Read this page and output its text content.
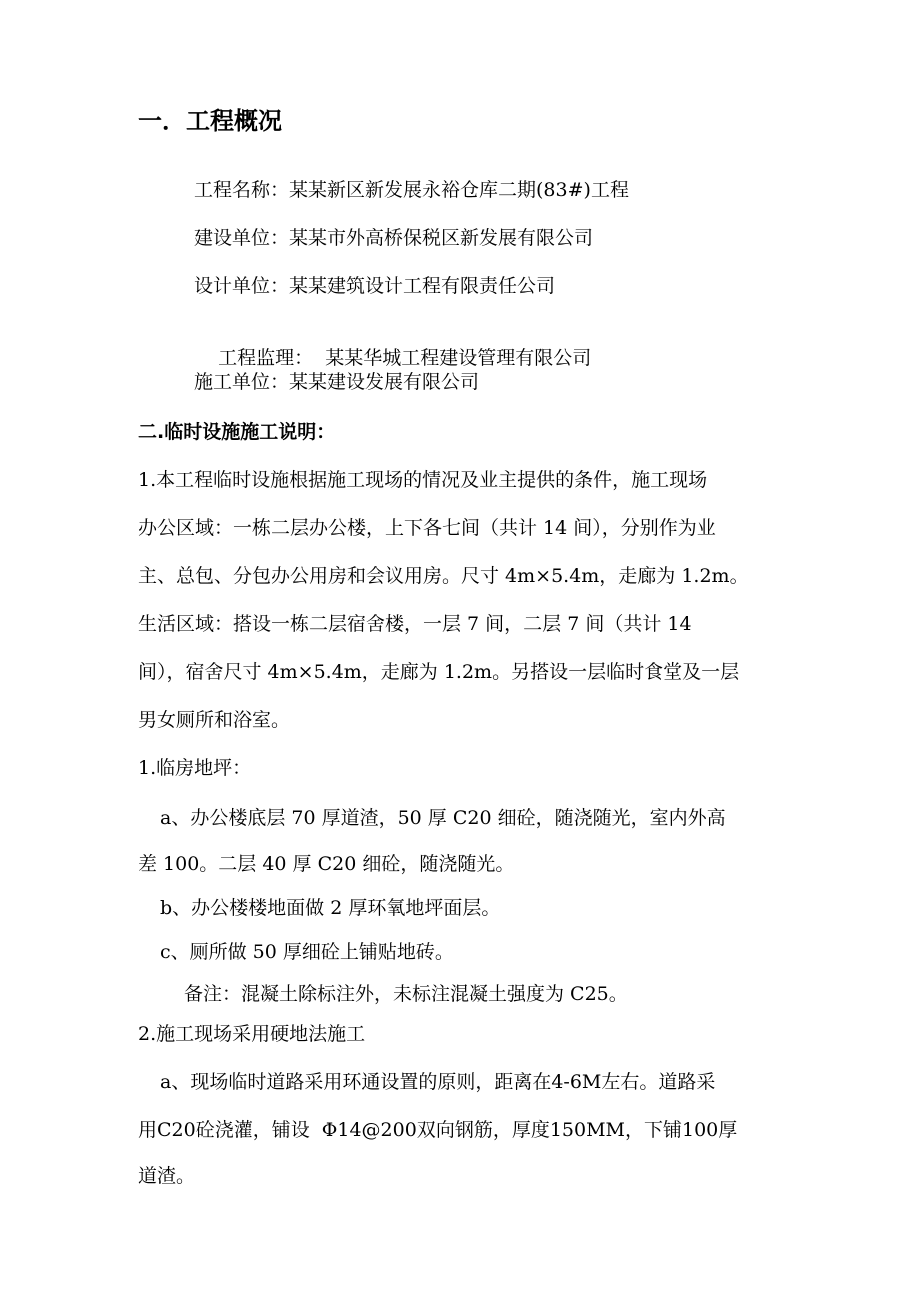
一．工程概况
工程名称：某某新区新发展永裕仓库二期(83#)工程
建设单位：某某市外高桥保税区新发展有限公司
设计单位：某某建筑设计工程有限责任公司

工程监理：  某某华城工程建设管理有限公司

施工单位：某某建设发展有限公司
二.临时设施施工说明：
1.本工程临时设施根据施工现场的情况及业主提供的条件，施工现场
办公区域：一栋二层办公楼，上下各七间（共计 14 间），分别作为业
主、总包、分包办公用房和会议用房。尺寸 4m×5.4m，走廊为 1.2m。
生活区域：搭设一栋二层宿舍楼，一层 7 间，二层 7 间（共计 14
间），宿舍尺寸 4m×5.4m，走廊为 1.2m。另搭设一层临时食堂及一层
男女厕所和浴室。
1.临房地坪：
a、办公楼底层 70 厚道渣，50 厚 C20 细砼，随浇随光，室内外高
差 100。二层 40 厚 C20 细砼，随浇随光。
b、办公楼楼地面做 2 厚环氧地坪面层。
c、厕所做 50 厚细砼上铺贴地砖。
备注：混凝土除标注外，未标注混凝土强度为 C25。
2.施工现场采用硬地法施工
a、现场临时道路采用环通设置的原则，距离在4-6M左右。道路采
用C20砼浇灌，铺设  Φ14@200双向钢筋，厚度150MM，下铺100厚
道渣。
